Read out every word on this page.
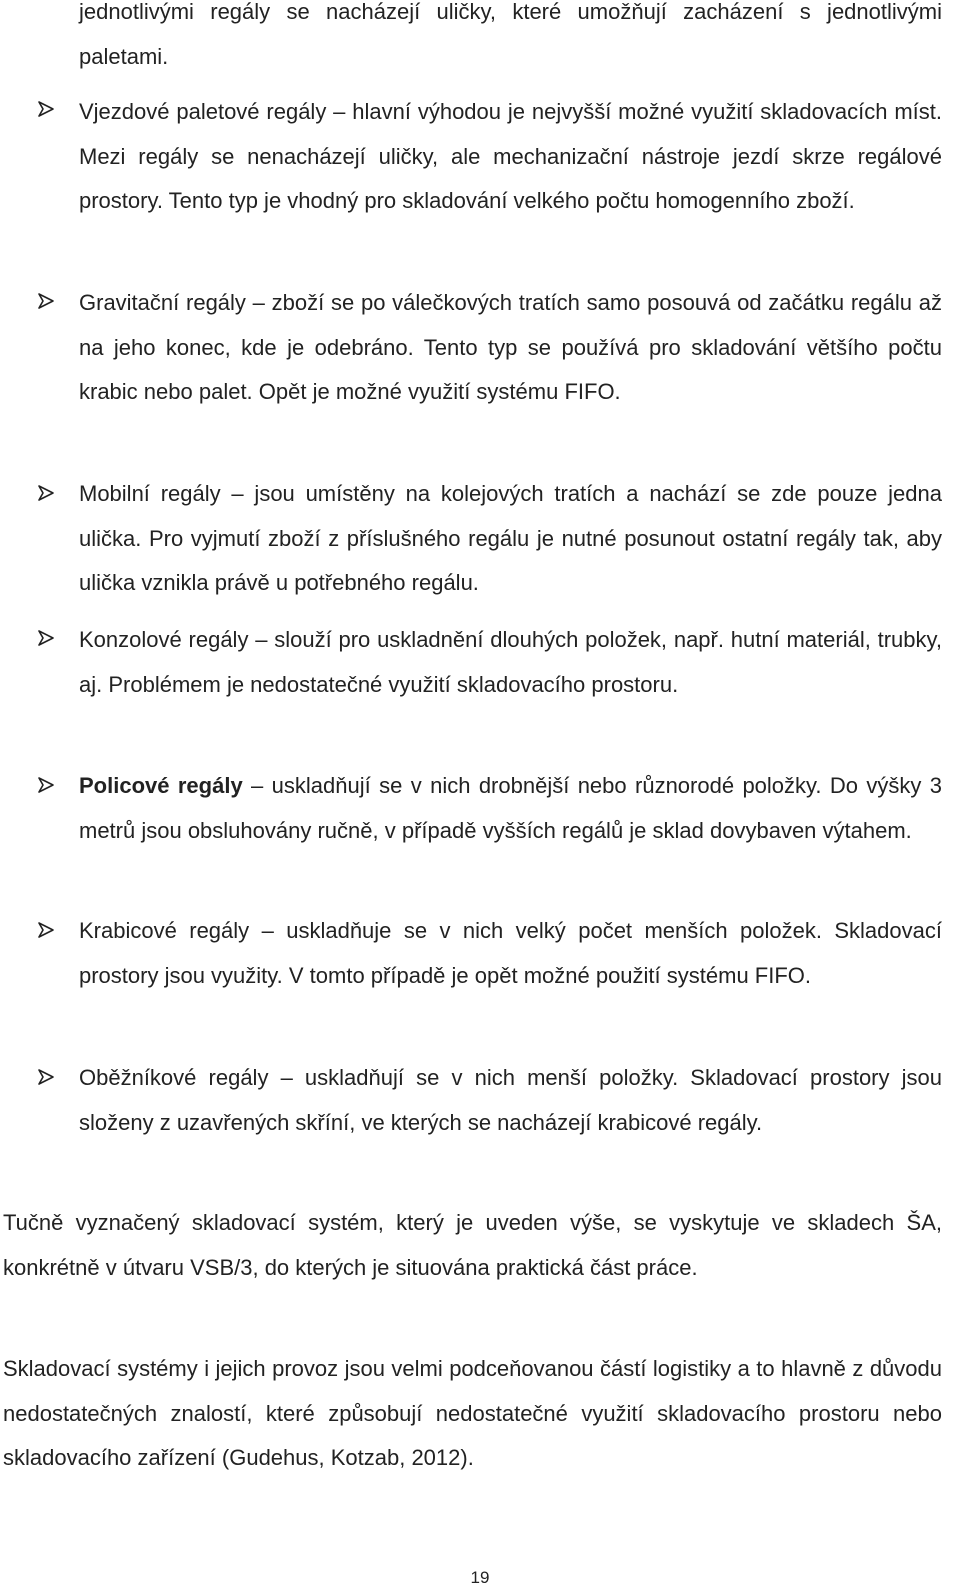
jednotlivými regály se nacházejí uličky, které umožňují zacházení s jednotlivými paletami.
Vjezdové paletové regály – hlavní výhodou je nejvyšší možné využití skladovacích míst. Mezi regály se nenacházejí uličky, ale mechanizační nástroje jezdí skrze regálové prostory. Tento typ je vhodný pro skladování velkého počtu homogenního zboží.
Gravitační regály – zboží se po válečkových tratích samo posouvá od začátku regálu až na jeho konec, kde je odebráno. Tento typ se používá pro skladování většího počtu krabic nebo palet. Opět je možné využití systému FIFO.
Mobilní regály – jsou umístěny na kolejových tratích a nachází se zde pouze jedna ulička. Pro vyjmutí zboží z příslušného regálu je nutné posunout ostatní regály tak, aby ulička vznikla právě u potřebného regálu.
Konzolové regály – slouží pro uskladnění dlouhých položek, např. hutní materiál, trubky, aj. Problémem je nedostatečné využití skladovacího prostoru.
Policové regály – uskladňují se v nich drobnější nebo různorodé položky. Do výšky 3 metrů jsou obsluhovány ručně, v případě vyšších regálů je sklad dovybaven výtahem.
Krabicové regály – uskladňuje se v nich velký počet menších položek. Skladovací prostory jsou využity. V tomto případě je opět možné použití systému FIFO.
Oběžníkové regály – uskladňují se v nich menší položky. Skladovací prostory jsou složeny z uzavřených skříní, ve kterých se nacházejí krabicové regály.
Tučně vyznačený skladovací systém, který je uveden výše, se vyskytuje ve skladech ŠA, konkrétně v útvaru VSB/3, do kterých je situována praktická část práce.
Skladovací systémy i jejich provoz jsou velmi podceňovanou částí logistiky a to hlavně z důvodu nedostatečných znalostí, které způsobují nedostatečné využití skladovacího prostoru nebo skladovacího zařízení (Gudehus, Kotzab, 2012).
19
